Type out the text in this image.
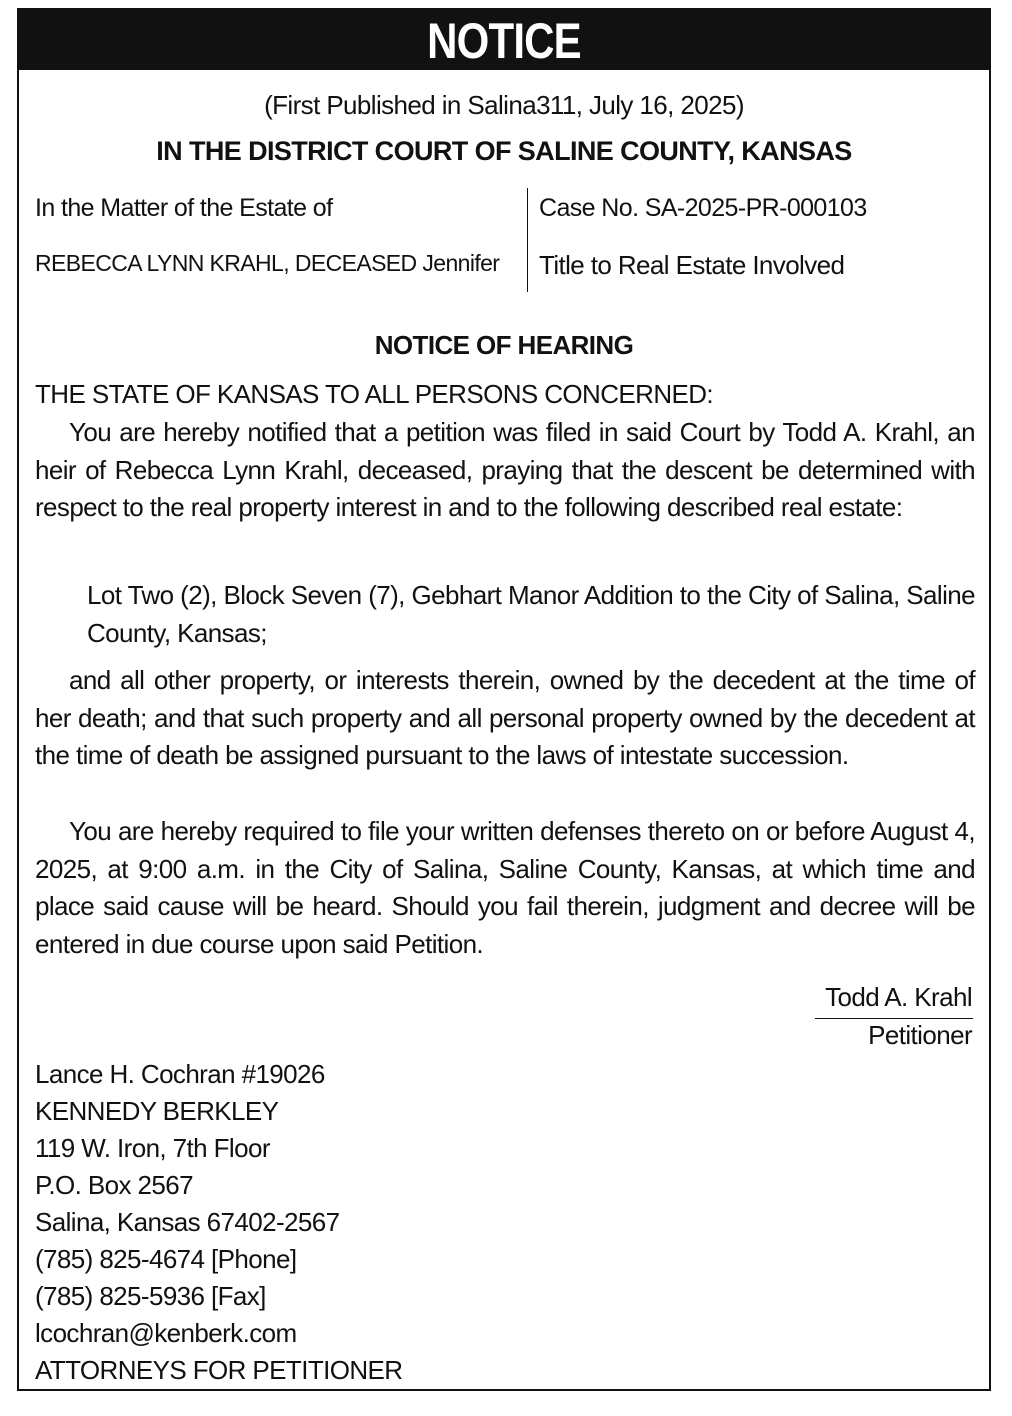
NOTICE
(First Published in Salina311, July 16, 2025)
IN THE DISTRICT COURT OF SALINE COUNTY, KANSAS
In the Matter of the Estate of
REBECCA LYNN KRAHL, DECEASED Jennifer
Case No. SA-2025-PR-000103
Title to Real Estate Involved
NOTICE OF HEARING
THE STATE OF KANSAS TO ALL PERSONS CONCERNED:
You are hereby notified that a petition was filed in said Court by Todd A. Krahl, an heir of Rebecca Lynn Krahl, deceased, praying that the descent be determined with respect to the real property interest in and to the following described real estate:
Lot Two (2), Block Seven (7), Gebhart Manor Addition to the City of Salina, Saline County, Kansas;
and all other property, or interests therein, owned by the decedent at the time of her death; and that such property and all personal property owned by the decedent at the time of death be assigned pursuant to the laws of intestate succession.
You are hereby required to file your written defenses thereto on or before August 4, 2025, at 9:00 a.m. in the City of Salina, Saline County, Kansas, at which time and place said cause will be heard. Should you fail therein, judgment and decree will be entered in due course upon said Petition.
Todd A. Krahl
Petitioner
Lance H. Cochran #19026
KENNEDY BERKLEY
119 W. Iron, 7th Floor
P.O. Box 2567
Salina, Kansas 67402-2567
(785) 825-4674 [Phone]
(785) 825-5936 [Fax]
lcochran@kenberk.com
ATTORNEYS FOR PETITIONER
